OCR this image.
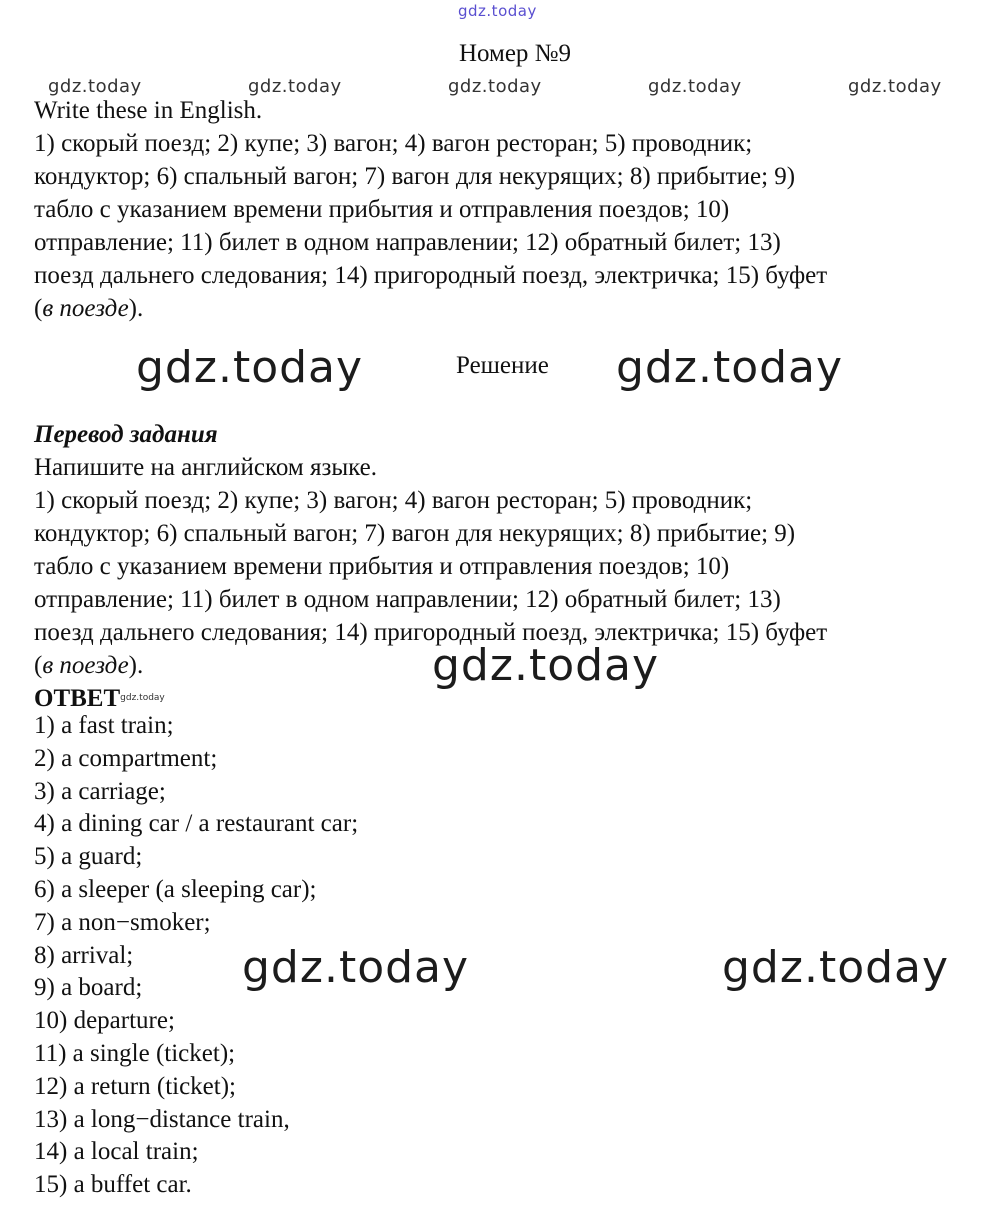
gdz.today
gdz.today	gdz.today	gdz.today	gdz.today	gdz.today
Номер №9
Write these in English.
1) скорый поезд; 2) купе; 3) вагон; 4) вагон ресторан; 5) проводник;
кондуктор; 6) спальный вагон; 7) вагон для некурящих; 8) прибытие; 9)
табло с указанием времени прибытия и отправления поездов; 10)
отправление; 11) билет в одном направлении; 12) обратный билет; 13)
поезд дальнего следования; 14) пригородный поезд, электричка; 15) буфет
(в поезде).
gdz.today	Решение gdz.today
Перевод задания
Напишите на английском языке.
1) скорый поезд; 2) купе; 3) вагон; 4) вагон ресторан; 5) проводник;
кондуктор; 6) спальный вагон; 7) вагон для некурящих; 8) прибытие; 9)
табло с указанием времени прибытия и отправления поездов; 10)
отправление; 11) билет в одном направлении; 12) обратный билет; 13)
поезд дальнего следования; 14) пригородный поезд, электричка; 15) буфет
(в поезде).
$ОТВЕТ^{gdz.today}$
gdz.today
1) a fast train;
2) a compartment;
3) a carriage;
4) a dining car / a restaurant car;
5) a guard;
6) a sleeper (a sleeping car);
7) a non−smoker;
8) arrival;
9) a board;
10) departure;
11) a single (ticket);
12) a return (ticket);
13) a long−distance train,
14) a local train;
15) a buffet car.
gdz.today	gdz.today
